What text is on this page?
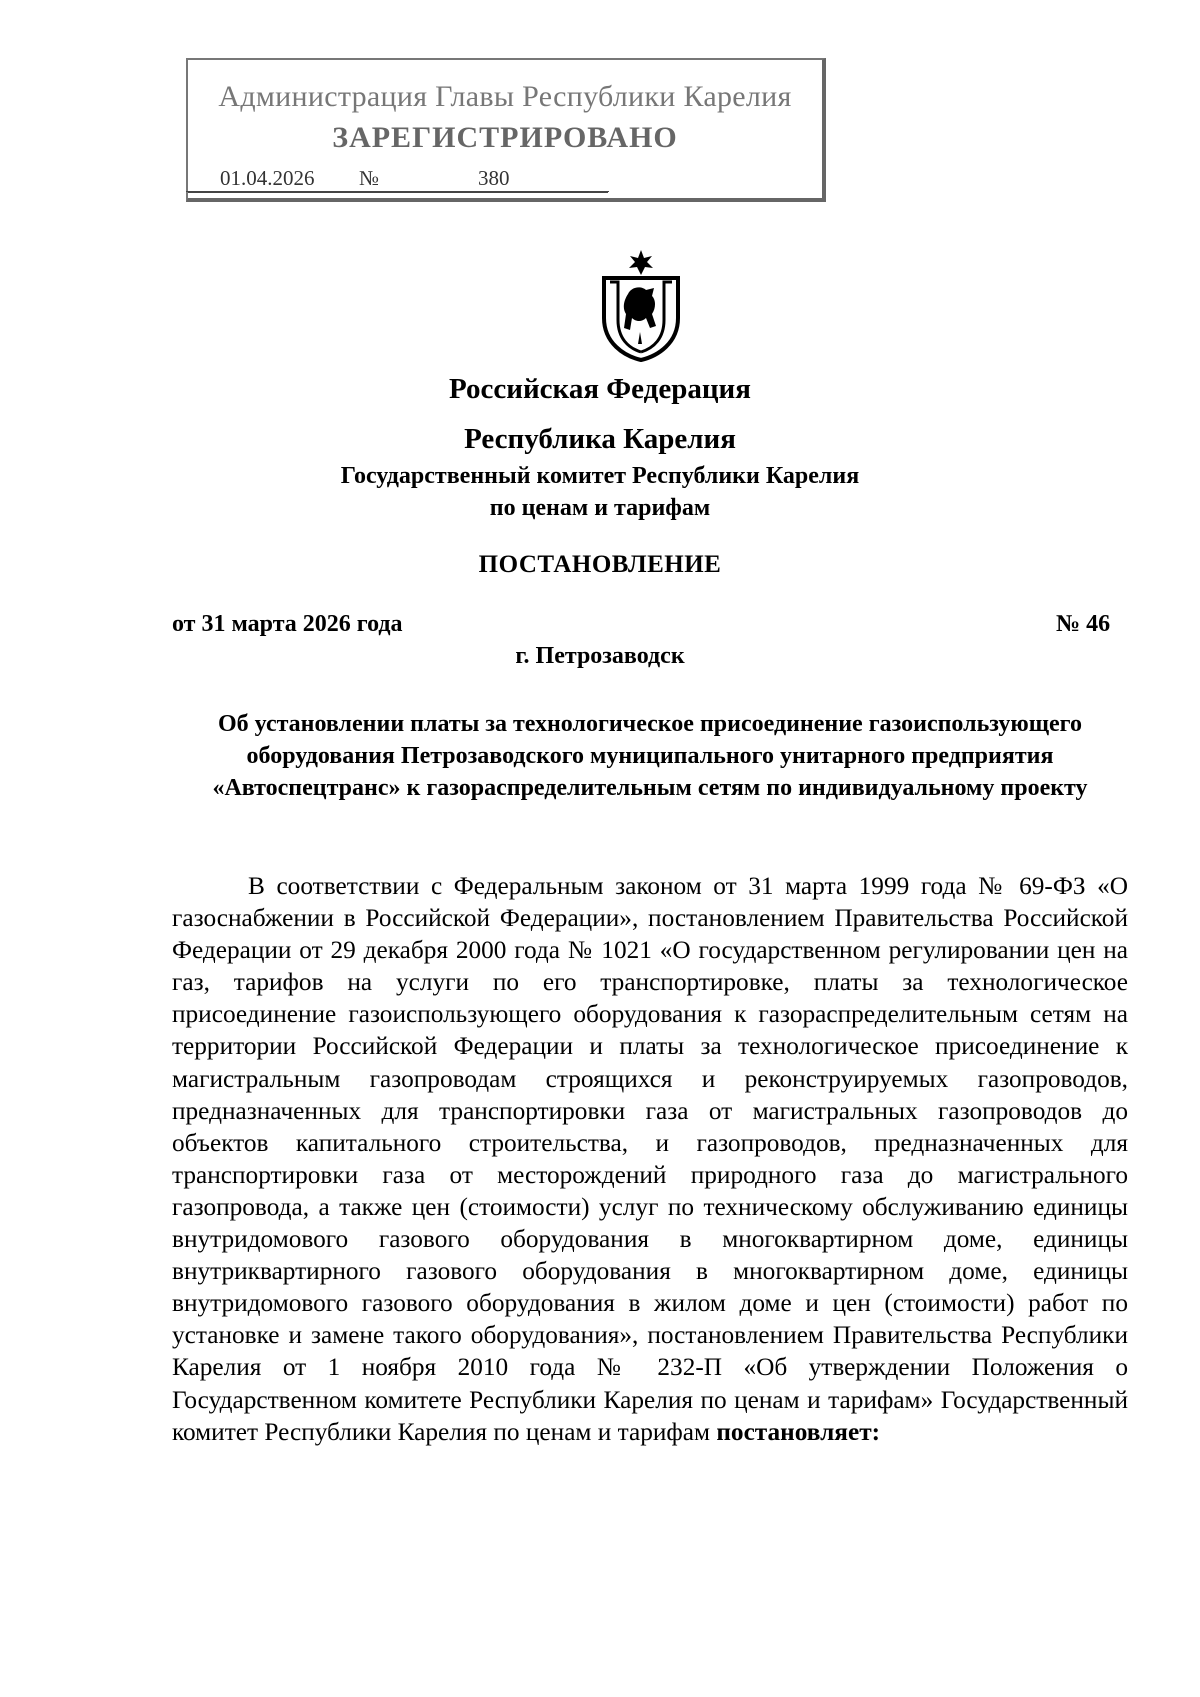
Администрация Главы Республики Карелия
ЗАРЕГИСТРИРОВАНО
01.04.2026 №	380
Российская Федерация
Республика Карелия
Государственный комитет Республики Карелия
по ценам и тарифам
ПОСТАНОВЛЕНИЕ
от 31 марта 2026 года	№ 46
г. Петрозаводск
Об установлении платы за технологическое присоединение газоиспользующего оборудования Петрозаводского муниципального унитарного предприятия «Автоспецтранс» к газораспределительным сетям по индивидуальному проекту

В соответствии с Федеральным законом от 31 марта 1999 года № 69-ФЗ «О газоснабжении в Российской Федерации», постановлением Правительства Российской Федерации от 29 декабря 2000 года № 1021 «О государственном регулировании цен на газ, тарифов на услуги по его транспортировке, платы за технологическое присоединение газоиспользующего оборудования к газораспределительным сетям на территории Российской Федерации и платы за технологическое присоединение к магистральным газопроводам строящихся и реконструируемых газопроводов, предназначенных для транспортировки газа от магистральных газопроводов до объектов капитального строительства, и газопроводов, предназначенных для транспортировки газа от месторождений природного газа до магистрального газопровода, а также цен (стоимости) услуг по техническому обслуживанию единицы внутридомового газового оборудования в многоквартирном доме, единицы внутриквартирного газового оборудования в многоквартирном доме, единицы внутридомового газового оборудования в жилом доме и цен (стоимости) работ по установке и замене такого оборудования», постановлением Правительства Республики Карелия от 1 ноября 2010 года № 232-П «Об утверждении Положения о Государственном комитете Республики Карелия по ценам и тарифам» Государственный комитет Республики Карелия по ценам и тарифам постановляет:
